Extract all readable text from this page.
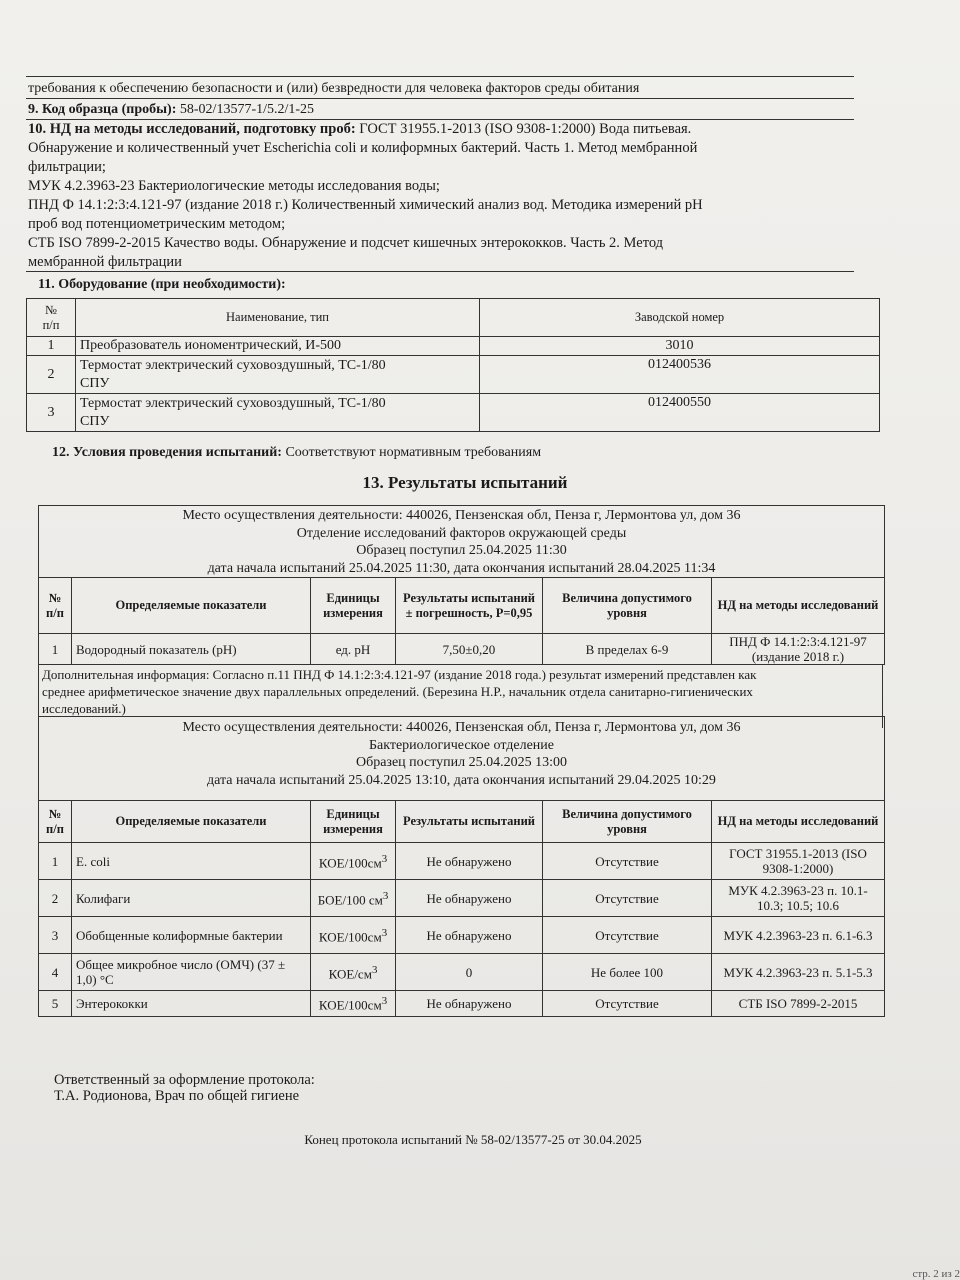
требования к обеспечению безопасности и (или) безвредности для человека факторов среды обитания
9. Код образца (пробы): 58-02/13577-1/5.2/1-25
10. НД на методы исследований, подготовку проб: ГОСТ 31955.1-2013 (ISO 9308-1:2000) Вода питьевая.
Обнаружение и количественный учет Escherichia coli и колиформных бактерий. Часть 1. Метод мембранной
фильтрации;
МУК 4.2.3963-23 Бактериологические методы исследования воды;
ПНД Ф 14.1:2:3:4.121-97 (издание 2018 г.) Количественный химический анализ вод. Методика измерений pH
проб вод потенциометрическим методом;
СТБ ISO 7899-2-2015 Качество воды. Обнаружение и подсчет кишечных энтерококков. Часть 2. Метод
мембранной фильтрации
11. Оборудование (при необходимости):
№
п/п	Наименование, тип	Заводской номер
1	Преобразователь иономентрический, И-500	3010
2	Термостат электрический суховоздушный, ТС-1/80
СПУ	012400536
3	Термостат электрический суховоздушный, ТС-1/80
СПУ	012400550
12. Условия проведения испытаний: Соответствуют нормативным требованиям
13. Результаты испытаний
Место осуществления деятельности: 440026, Пензенская обл, Пенза г, Лермонтова ул, дом 36
Отделение исследований факторов окружающей среды
Образец поступил 25.04.2025 11:30
дата начала испытаний 25.04.2025 11:30, дата окончания испытаний 28.04.2025 11:34
№ п/п	Определяемые показатели	Единицы измерения	Результаты испытаний ± погрешность, P=0,95	Величина допустимого уровня	НД на методы исследований
1	Водородный показатель (pH)	ед. pH	7,50±0,20	В пределах 6-9	ПНД Ф 14.1:2:3:4.121-97
(издание 2018 г.)
Дополнительная информация: Согласно п.11 ПНД Ф 14.1:2:3:4.121-97 (издание 2018 года.) результат измерений представлен как
среднее арифметическое значение двух параллельных определений. (Березина Н.Р., начальник отдела санитарно-гигиенических
исследований.)
Место осуществления деятельности: 440026, Пензенская обл, Пенза г, Лермонтова ул, дом 36
Бактериологическое отделение
Образец поступил 25.04.2025 13:00
дата начала испытаний 25.04.2025 13:10, дата окончания испытаний 29.04.2025 10:29
№ п/п	Определяемые показатели	Единицы измерения	Результаты испытаний	Величина допустимого уровня	НД на методы исследований
1	E. coli	КОЕ/$100см^3$	Не обнаружено	Отсутствие	ГОСТ 31955.1-2013 (ISO 9308-1:2000)
2	Колифаги	БОЕ/100 $см^3$	Не обнаружено	Отсутствие	МУК 4.2.3963-23 п. 10.1-10.3; 10.5; 10.6
3	Обобщенные колиформные бактерии	КОЕ/$100см^3$	Не обнаружено	Отсутствие	МУК 4.2.3963-23 п. 6.1-6.3
4	Общее микробное число (ОМЧ) (37 ± 1,0) °С	КОЕ/$см^3$	0	Не более 100	МУК 4.2.3963-23 п. 5.1-5.3
5	Энтерококки	КОЕ/$100см^3$	Не обнаружено	Отсутствие	СТБ ISO 7899-2-2015
Ответственный за оформление протокола:
Т.А. Родионова, Врач по общей гигиене
Конец протокола испытаний № 58-02/13577-25 от 30.04.2025
стр. 2 из 2
